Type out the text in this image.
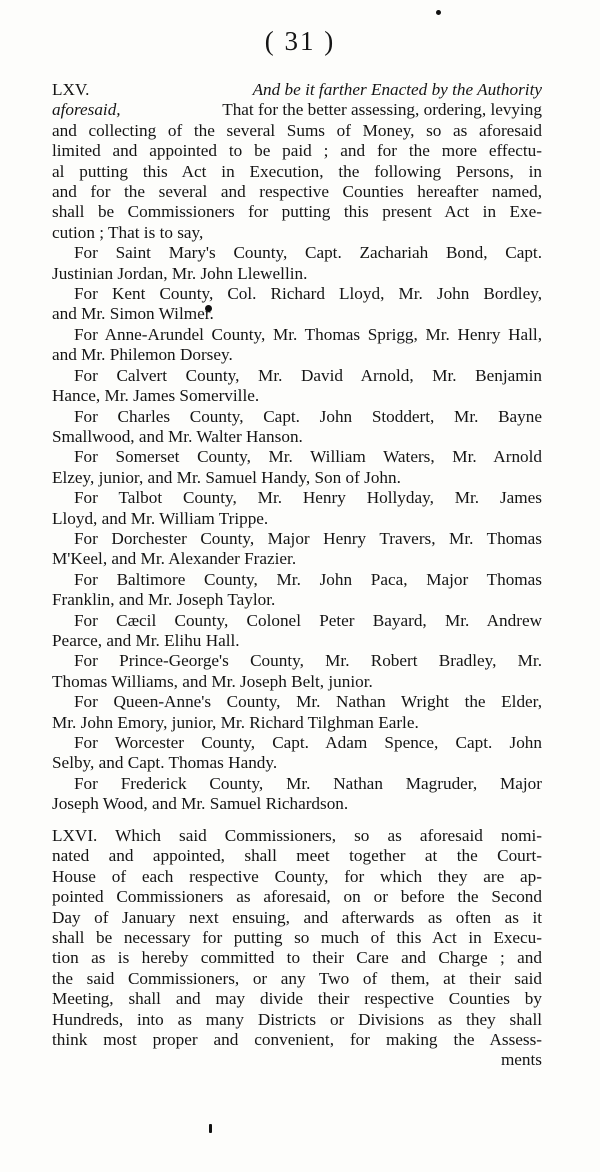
( 31 )
LXV.	And be it farther Enacted by the Authority
aforesaid,	That for the better assessing, ordering, levying
and collecting of the several Sums of Money, so as aforesaid
limited and appointed to be paid ; and for the more effectu-
al putting this Act in Execution, the following Persons, in
and for the several and respective Counties hereafter named,
shall be Commissioners for putting this present Act in Exe-
cution ; That is to say,
For Saint Mary's County, Capt. Zachariah Bond, Capt.
Justinian Jordan, Mr. John Llewellin.
For Kent County, Col. Richard Lloyd, Mr. John Bordley,
and Mr. Simon Wilmer.
For Anne-Arundel County, Mr. Thomas Sprigg, Mr. Henry Hall,
and Mr. Philemon Dorsey.
For Calvert County, Mr. David Arnold, Mr. Benjamin
Hance, Mr. James Somerville.
For Charles County, Capt. John Stoddert, Mr. Bayne
Smallwood, and Mr. Walter Hanson.
For Somerset County, Mr. William Waters, Mr. Arnold
Elzey, junior, and Mr. Samuel Handy, Son of John.
For Talbot County, Mr. Henry Hollyday, Mr. James
Lloyd, and Mr. William Trippe.
For Dorchester County, Major Henry Travers, Mr. Thomas
M'Keel, and Mr. Alexander Frazier.
For Baltimore County, Mr. John Paca, Major Thomas
Franklin, and Mr. Joseph Taylor.
For Cæcil County, Colonel Peter Bayard, Mr. Andrew
Pearce, and Mr. Elihu Hall.
For Prince-George's County, Mr. Robert Bradley, Mr.
Thomas Williams, and Mr. Joseph Belt, junior.
For Queen-Anne's County, Mr. Nathan Wright the Elder,
Mr. John Emory, junior, Mr. Richard Tilghman Earle.
For Worcester County, Capt. Adam Spence, Capt. John
Selby, and Capt. Thomas Handy.
For Frederick County, Mr. Nathan Magruder, Major
Joseph Wood, and Mr. Samuel Richardson.
LXVI. Which said Commissioners, so as aforesaid nomi-
nated and appointed, shall meet together at the Court-
House of each respective County, for which they are ap-
pointed Commissioners as aforesaid, on or before the Second
Day of January next ensuing, and afterwards as often as it
shall be necessary for putting so much of this Act in Execu-
tion as is hereby committed to their Care and Charge ; and
the said Commissioners, or any Two of them, at their said
Meeting, shall and may divide their respective Counties by
Hundreds, into as many Districts or Divisions as they shall
think most proper and convenient, for making the Assess-
ments
